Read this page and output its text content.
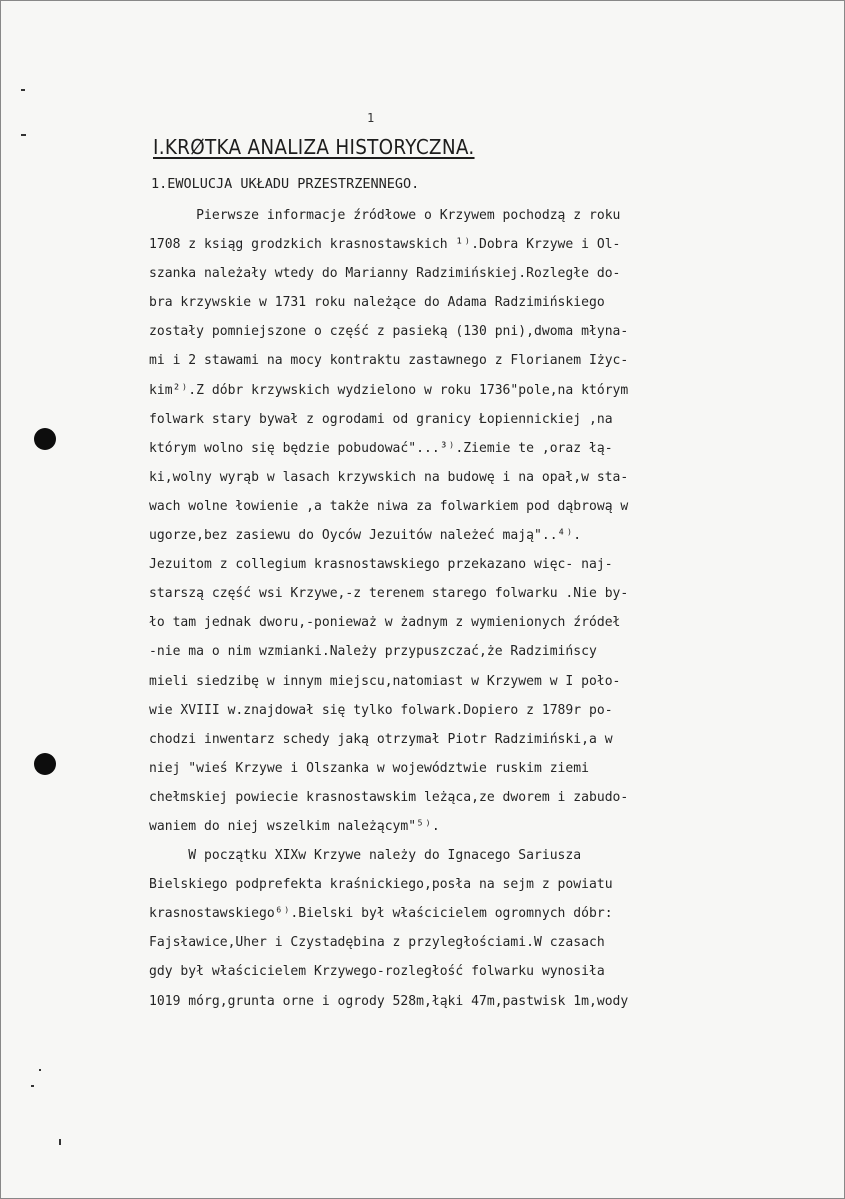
1
I.KRØTKA ANALIZA HISTORYCZNA.
1.EWOLUCJA UKŁADU PRZESTRZENNEGO.
Pierwsze informacje źródłowe o Krzywem pochodzą z roku
1708 z ksiąg grodzkich krasnostawskich ¹⁾.Dobra Krzywe i Ol-
szanka należały wtedy do Marianny Radzimińskiej.Rozległe do-
bra krzywskie w 1731 roku należące do Adama Radzimińskiego
zostały pomniejszone o część z pasieką (130 pni),dwoma młyna-
mi i 2 stawami na mocy kontraktu zastawnego z Florianem Iżyc-
kim²⁾.Z dóbr krzywskich wydzielono w roku 1736"pole,na którym
folwark stary bywał z ogrodami od granicy Łopiennickiej ,na
którym wolno się będzie pobudować"...³⁾.Ziemie te ,oraz łą-
ki,wolny wyrąb w lasach krzywskich na budowę i na opał,w sta-
wach wolne łowienie ,a także niwa za folwarkiem pod dąbrową w
ugorze,bez zasiewu do Oyców Jezuitów należeć mają"..⁴⁾.
Jezuitom z collegium krasnostawskiego przekazano więc- naj-
starszą część wsi Krzywe,-z terenem starego folwarku .Nie by-
ło tam jednak dworu,-ponieważ w żadnym z wymienionych źródeł
-nie ma o nim wzmianki.Należy przypuszczać,że Radzimińscy
mieli siedzibę w innym miejscu,natomiast w Krzywem w I poło-
wie XVIII w.znajdował się tylko folwark.Dopiero z 1789r po-
chodzi inwentarz schedy jaką otrzymał Piotr Radzimiński,a w
niej "wieś Krzywe i Olszanka w województwie ruskim ziemi
chełmskiej powiecie krasnostawskim leżąca,ze dworem i zabudo-
waniem do niej wszelkim należącym"⁵⁾.
W początku XIXw Krzywe należy do Ignacego Sariusza
Bielskiego podprefekta kraśnickiego,posła na sejm z powiatu
krasnostawskiego⁶⁾.Bielski był właścicielem ogromnych dóbr:
Fajsławice,Uher i Czystadębina z przyległościami.W czasach
gdy był właścicielem Krzywego-rozległość folwarku wynosiła
1019 mórg,grunta orne i ogrody 528m,łąki 47m,pastwisk 1m,wody
